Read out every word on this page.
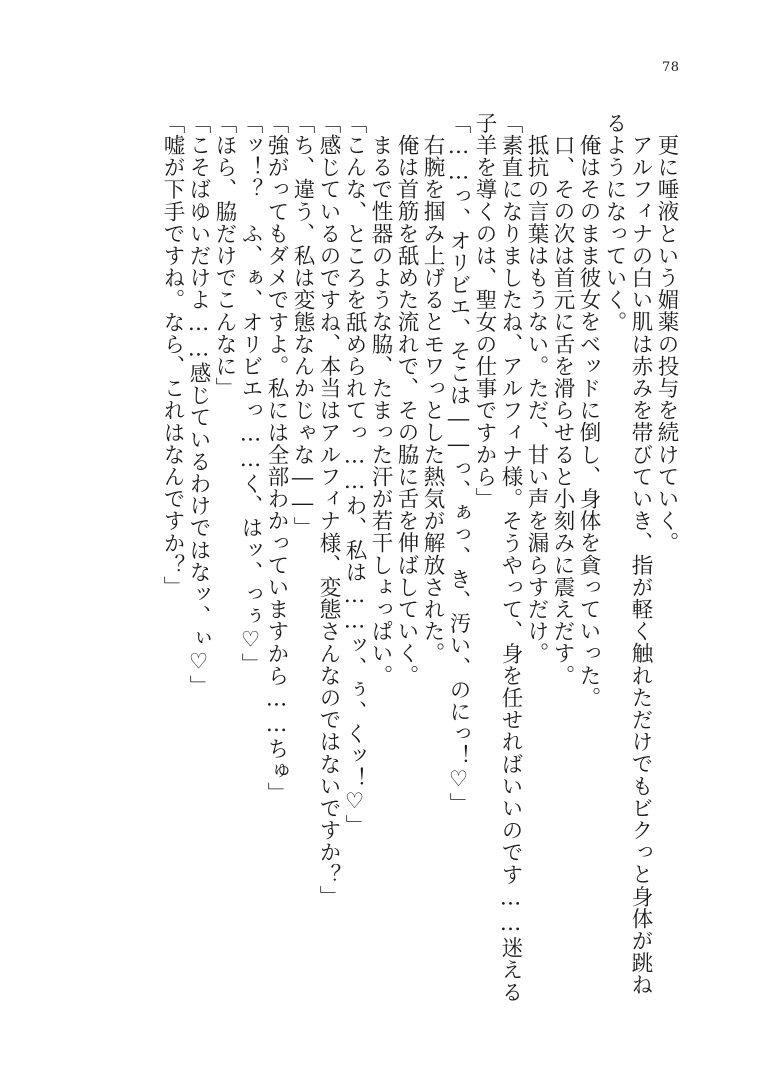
78
更に唾液という媚薬の投与を続けていく。
アルフィナの白い肌は赤みを帯びていき、指が軽く触れただけでもビクっと身体が跳ね
るようになっていく。
俺はそのまま彼女をベッドに倒し、身体を貪っていった。
口、その次は首元に舌を滑らせると小刻みに震えだす。
抵抗の言葉はもうない。ただ、甘い声を漏らすだけ。
「素直になりましたね、アルフィナ様。そうやって、身を任せればいいのです……迷える
子羊を導くのは、聖女の仕事ですから」
「……っ、オリビエ、そこは――っ、ぁっ、き、汚い、のにっ！♡」
右腕を掴み上げるとモワっとした熱気が解放された。
俺は首筋を舐めた流れで、その脇に舌を伸ばしていく。
まるで性器のような脇、たまった汗が若干しょっぱい。
「こんな、ところを舐められてっ……わ、私は……ッ、ぅ、くッ！♡」
「感じているのですね、本当はアルフィナ様、変態さんなのではないですか？」
「ち、違う、私は変態なんかじゃな――」
「強がってもダメですよ。私には全部わかっていますから……ちゅ」
「ッ！？　ふ、ぁ、オリビエっ……く、はッ、っぅ♡」
「ほら、脇だけでこんなに」
「こそばゆいだけよ……感じているわけではなッ、ぃ♡」
「嘘が下手ですね。なら、これはなんですか？」
